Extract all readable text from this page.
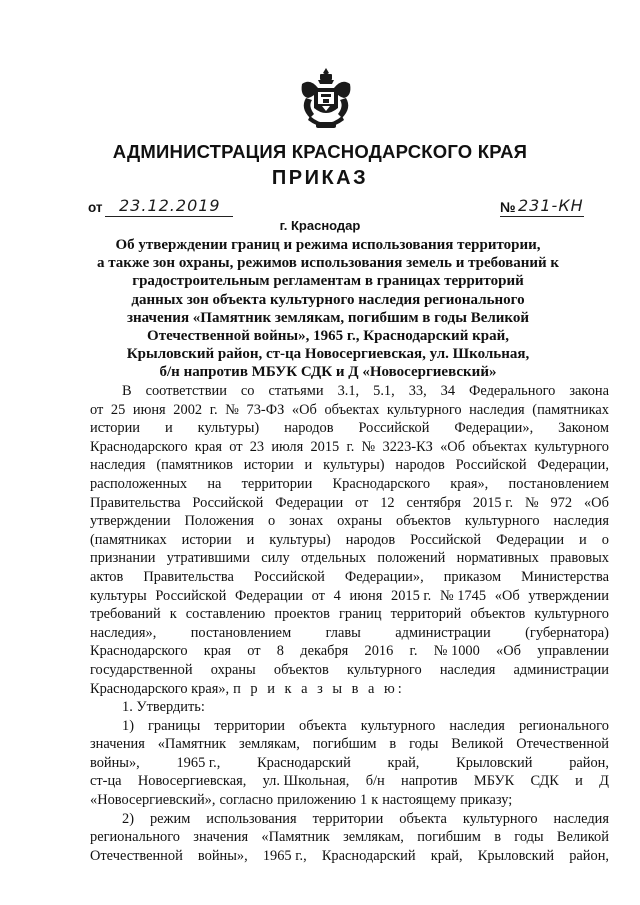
АДМИНИСТРАЦИЯ КРАСНОДАРСКОГО КРАЯ
ПРИКАЗ
от 23.12.2019	№ 231-КН
г. Краснодар
Об утверждении границ и режима использования территории,
а также зон охраны, режимов использования земель и требований к
градостроительным регламентам в границах территорий
данных зон объекта культурного наследия регионального
значения «Памятник землякам, погибшим в годы Великой
Отечественной войны», 1965 г., Краснодарский край,
Крыловский район, ст-ца Новосергиевская, ул. Школьная,
б/н напротив МБУК СДК и Д «Новосергиевский»
В соответствии со статьями 3.1, 5.1, 33, 34 Федерального закона
от 25 июня 2002 г. № 73-ФЗ «Об объектах культурного наследия (памятниках
истории и культуры) народов Российской Федерации», Законом
Краснодарского края от 23 июля 2015 г. № 3223-КЗ «Об объектах культурного
наследия (памятников истории и культуры) народов Российской Федерации,
расположенных на территории Краснодарского края», постановлением
Правительства Российской Федерации от 12 сентября 2015 г. № 972 «Об
утверждении Положения о зонах охраны объектов культурного наследия
(памятниках истории и культуры) народов Российской Федерации и о
признании утратившими силу отдельных положений нормативных правовых
актов Правительства Российской Федерации», приказом Министерства
культуры Российской Федерации от 4 июня 2015 г. № 1745 «Об утверждении
требований к составлению проектов границ территорий объектов культурного
наследия», постановлением главы администрации (губернатора)
Краснодарского края от 8 декабря 2016 г. № 1000 «Об управлении
государственной охраны объектов культурного наследия администрации
Краснодарского края», п р и к а з ы в а ю:
1. Утвердить:
1) границы территории объекта культурного наследия регионального
значения «Памятник землякам, погибшим в годы Великой Отечественной
войны»,	1965 г.,	Краснодарский	край,	Крыловский	район,
ст-ца Новосергиевская, ул. Школьная, б/н напротив МБУК СДК и Д
«Новосергиевский», согласно приложению 1 к настоящему приказу;
2) режим использования территории объекта культурного наследия
регионального значения «Памятник землякам, погибшим в годы Великой
Отечественной войны», 1965 г., Краснодарский край, Крыловский район,
